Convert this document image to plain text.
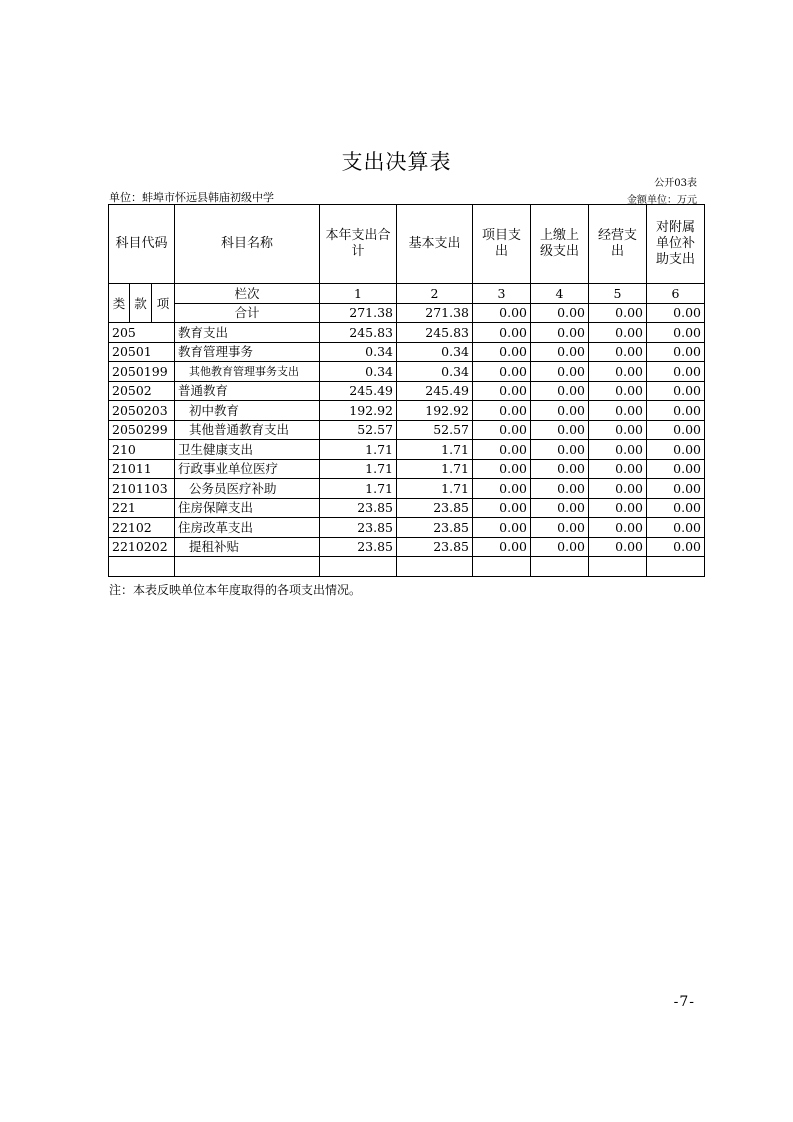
支出决算表
公开03表
单位：蚌埠市怀远县韩庙初级中学	金额单位：万元
科目代码			科目名称	本年支出合计	基本支出	项目支出	上缴上级支出	经营支出	对附属单位补助支出
类	款	项	栏次	1	2	3	4	5	6
			合计	271.38	271.38	0.00	0.00	0.00	0.00
205			教育支出	245.83	245.83	0.00	0.00	0.00	0.00
20501			教育管理事务	0.34	0.34	0.00	0.00	0.00	0.00
2050199			其他教育管理事务支出	0.34	0.34	0.00	0.00	0.00	0.00
20502			普通教育	245.49	245.49	0.00	0.00	0.00	0.00
2050203			初中教育	192.92	192.92	0.00	0.00	0.00	0.00
2050299			其他普通教育支出	52.57	52.57	0.00	0.00	0.00	0.00
210			卫生健康支出	1.71	1.71	0.00	0.00	0.00	0.00
21011			行政事业单位医疗	1.71	1.71	0.00	0.00	0.00	0.00
2101103			公务员医疗补助	1.71	1.71	0.00	0.00	0.00	0.00
221			住房保障支出	23.85	23.85	0.00	0.00	0.00	0.00
22102			住房改革支出	23.85	23.85	0.00	0.00	0.00	0.00
2210202			提租补贴	23.85	23.85	0.00	0.00	0.00	0.00

注：本表反映单位本年度取得的各项支出情况。
-7-
